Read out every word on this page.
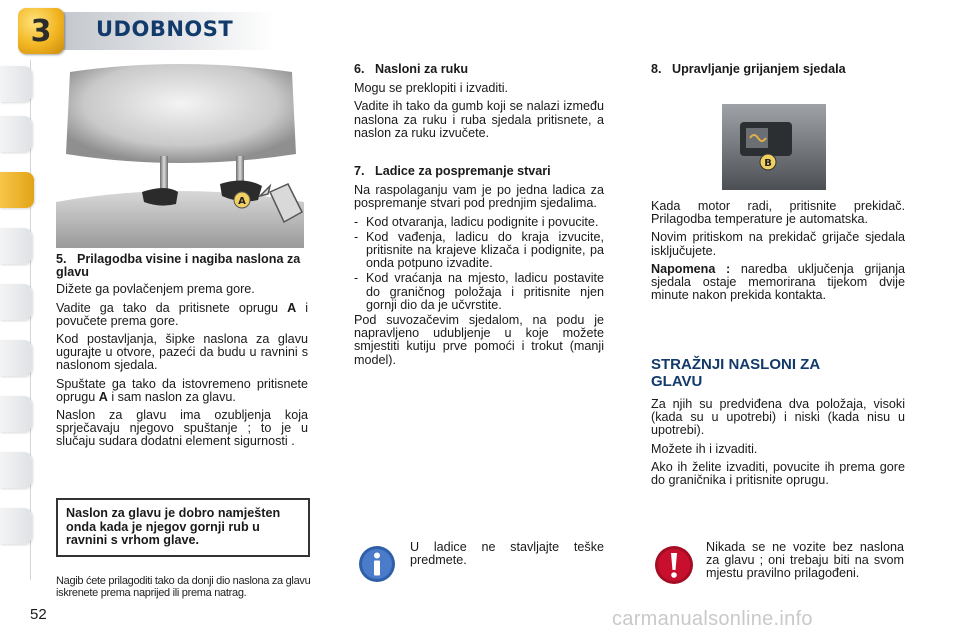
3	UDOBNOST
A
5.   Prilagodba visine i nagiba naslona za glavu

Dižete ga povlačenjem prema gore.

Vadite ga tako da pritisnete oprugu A i povučete prema gore.

Kod postavljanja, šipke naslona za glavu ugurajte u otvore, pazeći da budu u ravnini s naslonom sjedala.

Spuštate ga tako da istovremeno pritisnete oprugu A i sam naslon za glavu.

Naslon za glavu ima ozubljenja koja sprječavaju njegovo spuštanje ; to je u slučaju sudara dodatni element sigurnosti .

Naslon za glavu je dobro namješten onda kada je njegov gornji rub u ravnini s vrhom glave.
Nagib ćete prilagoditi tako da donji dio naslona za glavu iskrenete prema naprijed ili prema natrag.
6.   Nasloni za ruku

Mogu se preklopiti i izvaditi.

Vadite ih tako da gumb koji se nalazi između naslona za ruku i ruba sjedala pritisnete, a naslon za ruku izvučete.

7.   Ladice za pospremanje stvari

Na raspolaganju vam je po jedna ladica za pospremanje stvari pod prednjim sjedalima.

- Kod otvaranja, ladicu podignite i povucite.
- Kod vađenja, ladicu do kraja izvucite, pritisnite na krajeve klizača i podignite, pa onda potpuno izvadite.
- Kod vraćanja na mjesto, ladicu postavite do graničnog položaja i pritisnite njen gornji dio da je učvrstite.

Pod suvozačevim sjedalom, na podu je napravljeno udubljenje u koje možete smjestiti kutiju prve pomoći i trokut (manji model).

U ladice ne stavljajte teške predmete.
8.   Upravljanje grijanjem sjedala
B

Kada motor radi, pritisnite prekidač. Prilagodba temperature je automatska.

Novim pritiskom na prekidač grijače sjedala isključujete.

Napomena : naredba uključenja grijanja sjedala ostaje memorirana tijekom dvije minute nakon prekida kontakta.

STRAŽNJI NASLONI ZA GLAVU

Za njih su predviđena dva položaja, visoki (kada su u upotrebi) i niski (kada nisu u upotrebi).

Možete ih i izvaditi.

Ako ih želite izvaditi, povucite ih prema gore do graničnika i pritisnite oprugu.

Nikada se ne vozite bez naslona za glavu ; oni trebaju biti na svom mjestu pravilno prilagođeni.
52	carmanualsonline.info
